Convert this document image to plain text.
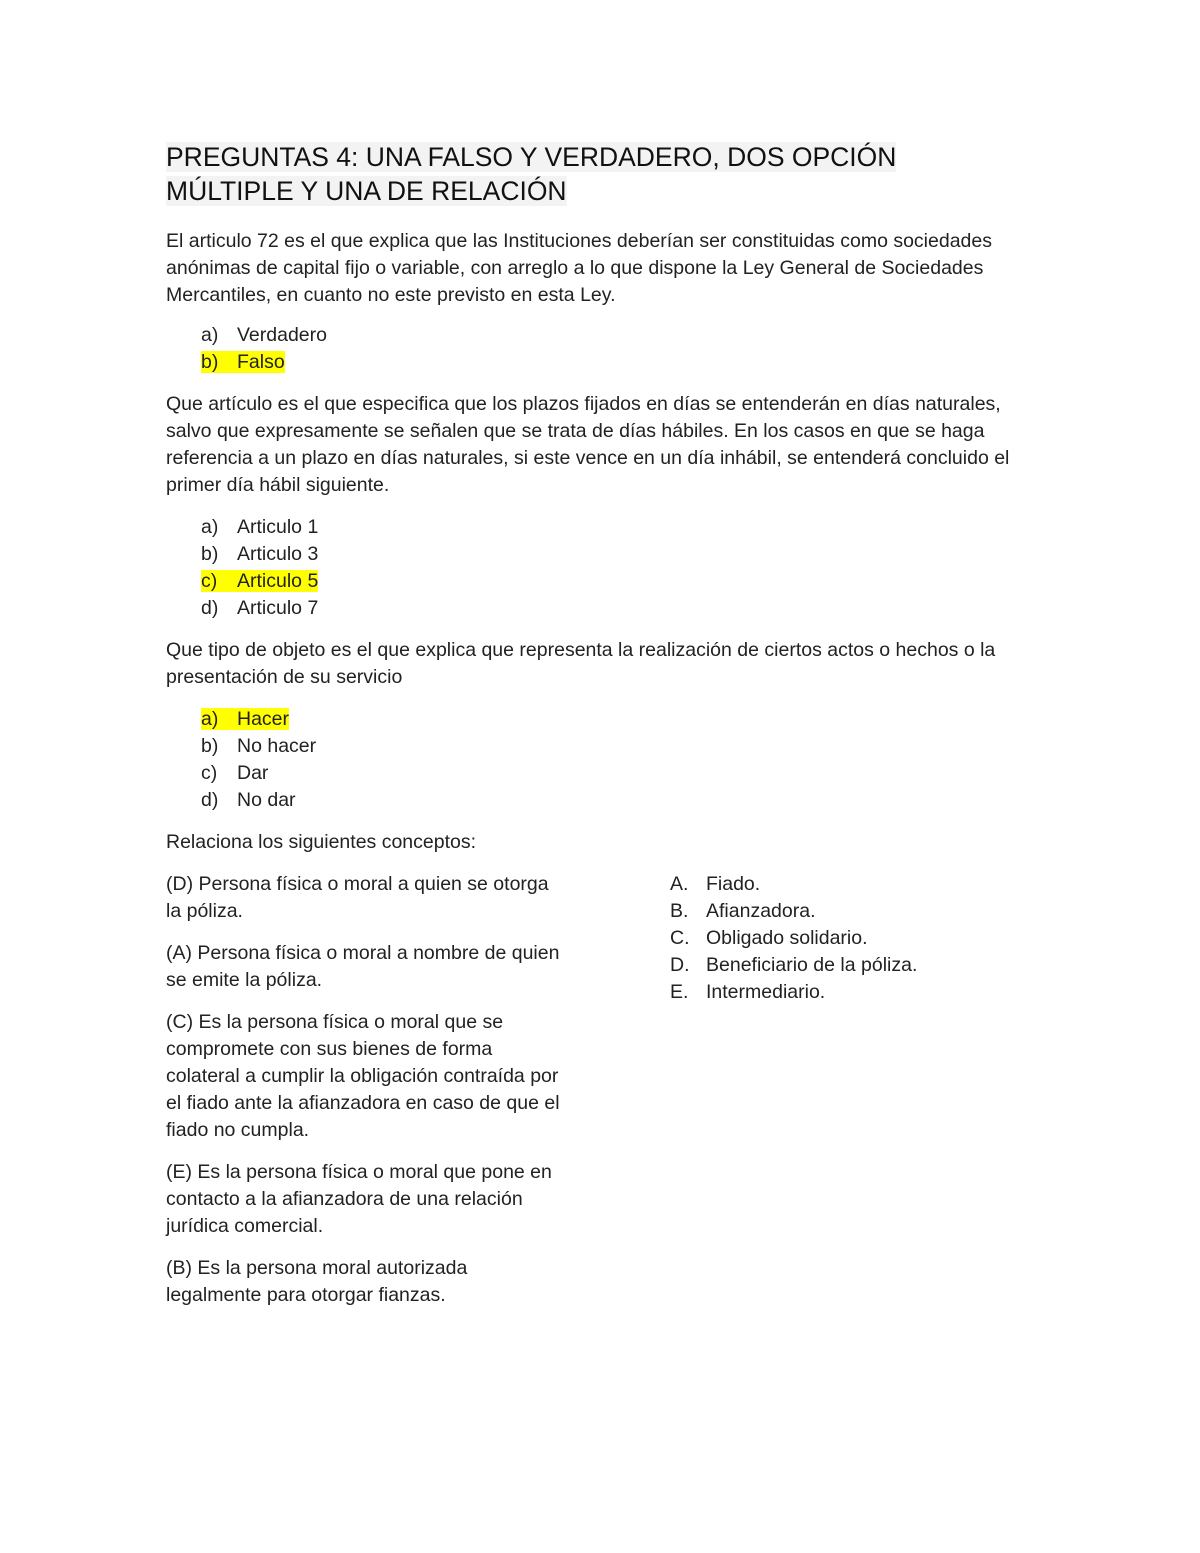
PREGUNTAS 4: UNA FALSO Y VERDADERO, DOS OPCIÓN
MÚLTIPLE Y UNA DE RELACIÓN

El articulo 72 es el que explica que las Instituciones deberían ser constituidas como sociedades anónimas de capital fijo o variable, con arreglo a lo que dispone la Ley General de Sociedades Mercantiles, en cuanto no este previsto en esta Ley.

a) Verdadero
b) Falso

Que artículo es el que especifica que los plazos fijados en días se entenderán en días naturales, salvo que expresamente se señalen que se trata de días hábiles. En los casos en que se haga referencia a un plazo en días naturales, si este vence en un día inhábil, se entenderá concluido el primer día hábil siguiente.

a) Articulo 1
b) Articulo 3
c) Articulo 5
d) Articulo 7

Que tipo de objeto es el que explica que representa la realización de ciertos actos o hechos o la presentación de su servicio

a) Hacer
b) No hacer
c) Dar
d) No dar

Relaciona los siguientes conceptos:

(D) Persona física o moral a quien se otorga la póliza.

(A) Persona física o moral a nombre de quien se emite la póliza.

(C) Es la persona física o moral que se compromete con sus bienes de forma colateral a cumplir la obligación contraída por el fiado ante la afianzadora en caso de que el fiado no cumpla.

(E) Es la persona física o moral que pone en contacto a la afianzadora de una relación jurídica comercial.

(B) Es la persona moral autorizada legalmente para otorgar fianzas.

A. Fiado.
B. Afianzadora.
C. Obligado solidario.
D. Beneficiario de la póliza.
E. Intermediario.
